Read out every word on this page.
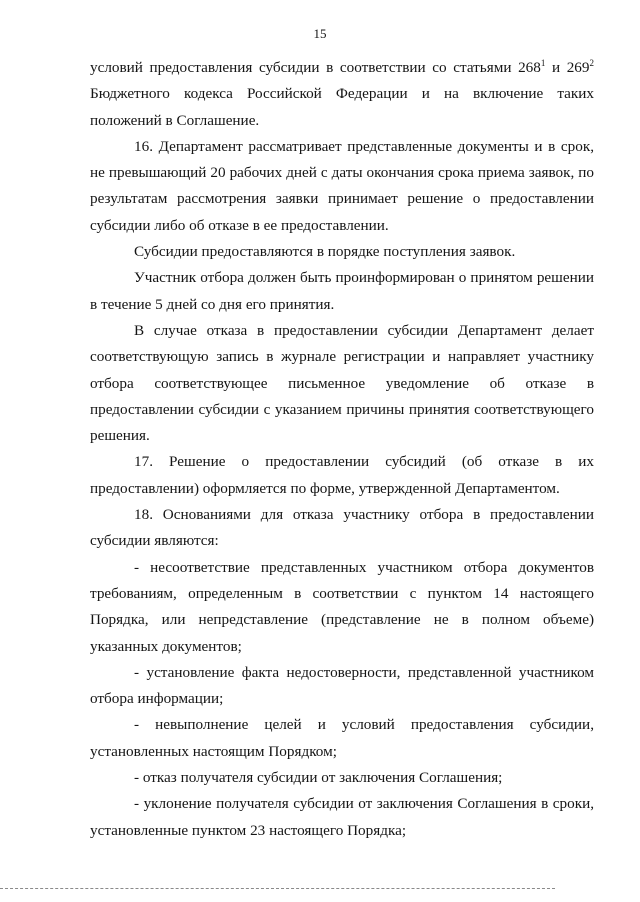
15

условий предоставления субсидии в соответствии со статьями $268^1$ и $269^2$ Бюджетного кодекса Российской Федерации и на включение таких положений в Соглашение.

16. Департамент рассматривает представленные документы и в срок, не превышающий 20 рабочих дней с даты окончания срока приема заявок, по результатам рассмотрения заявки принимает решение о предоставлении субсидии либо об отказе в ее предоставлении.

Субсидии предоставляются в порядке поступления заявок.

Участник отбора должен быть проинформирован о принятом решении в течение 5 дней со дня его принятия.

В случае отказа в предоставлении субсидии Департамент делает соответствующую запись в журнале регистрации и направляет участнику отбора соответствующее письменное уведомление об отказе в предоставлении субсидии с указанием причины принятия соответствующего решения.

17. Решение о предоставлении субсидий (об отказе в их предоставлении) оформляется по форме, утвержденной Департаментом.

18. Основаниями для отказа участнику отбора в предоставлении субсидии являются:

- несоответствие представленных участником отбора документов требованиям, определенным в соответствии с пунктом 14 настоящего Порядка, или непредставление (представление не в полном объеме) указанных документов;

- установление факта недостоверности, представленной участником отбора информации;

- невыполнение целей и условий предоставления субсидии, установленных настоящим Порядком;

- отказ получателя субсидии от заключения Соглашения;

- уклонение получателя субсидии от заключения Соглашения в сроки, установленные пунктом 23 настоящего Порядка;
